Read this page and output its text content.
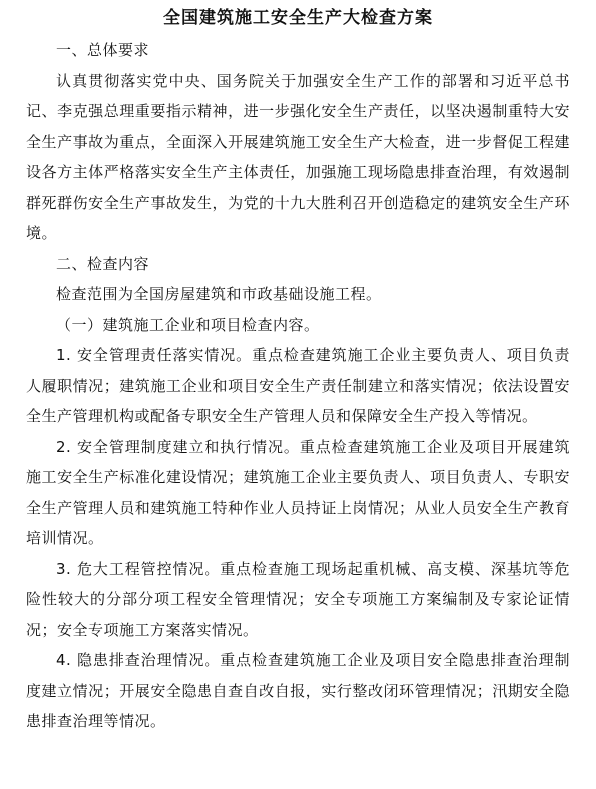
全国建筑施工安全生产大检查方案

一、总体要求

认真贯彻落实党中央、国务院关于加强安全生产工作的部署和习近平总书记、李克强总理重要指示精神，进一步强化安全生产责任，以坚决遏制重特大安全生产事故为重点，全面深入开展建筑施工安全生产大检查，进一步督促工程建设各方主体严格落实安全生产主体责任，加强施工现场隐患排查治理，有效遏制群死群伤安全生产事故发生，为党的十九大胜利召开创造稳定的建筑安全生产环境。

二、检查内容

检查范围为全国房屋建筑和市政基础设施工程。

（一）建筑施工企业和项目检查内容。

1. 安全管理责任落实情况。重点检查建筑施工企业主要负责人、项目负责人履职情况；建筑施工企业和项目安全生产责任制建立和落实情况；依法设置安全生产管理机构或配备专职安全生产管理人员和保障安全生产投入等情况。

2. 安全管理制度建立和执行情况。重点检查建筑施工企业及项目开展建筑施工安全生产标准化建设情况；建筑施工企业主要负责人、项目负责人、专职安全生产管理人员和建筑施工特种作业人员持证上岗情况；从业人员安全生产教育培训情况。

3. 危大工程管控情况。重点检查施工现场起重机械、高支模、深基坑等危险性较大的分部分项工程安全管理情况；安全专项施工方案编制及专家论证情况；安全专项施工方案落实情况。

4. 隐患排查治理情况。重点检查建筑施工企业及项目安全隐患排查治理制度建立情况；开展安全隐患自查自改自报，实行整改闭环管理情况；汛期安全隐患排查治理等情况。
